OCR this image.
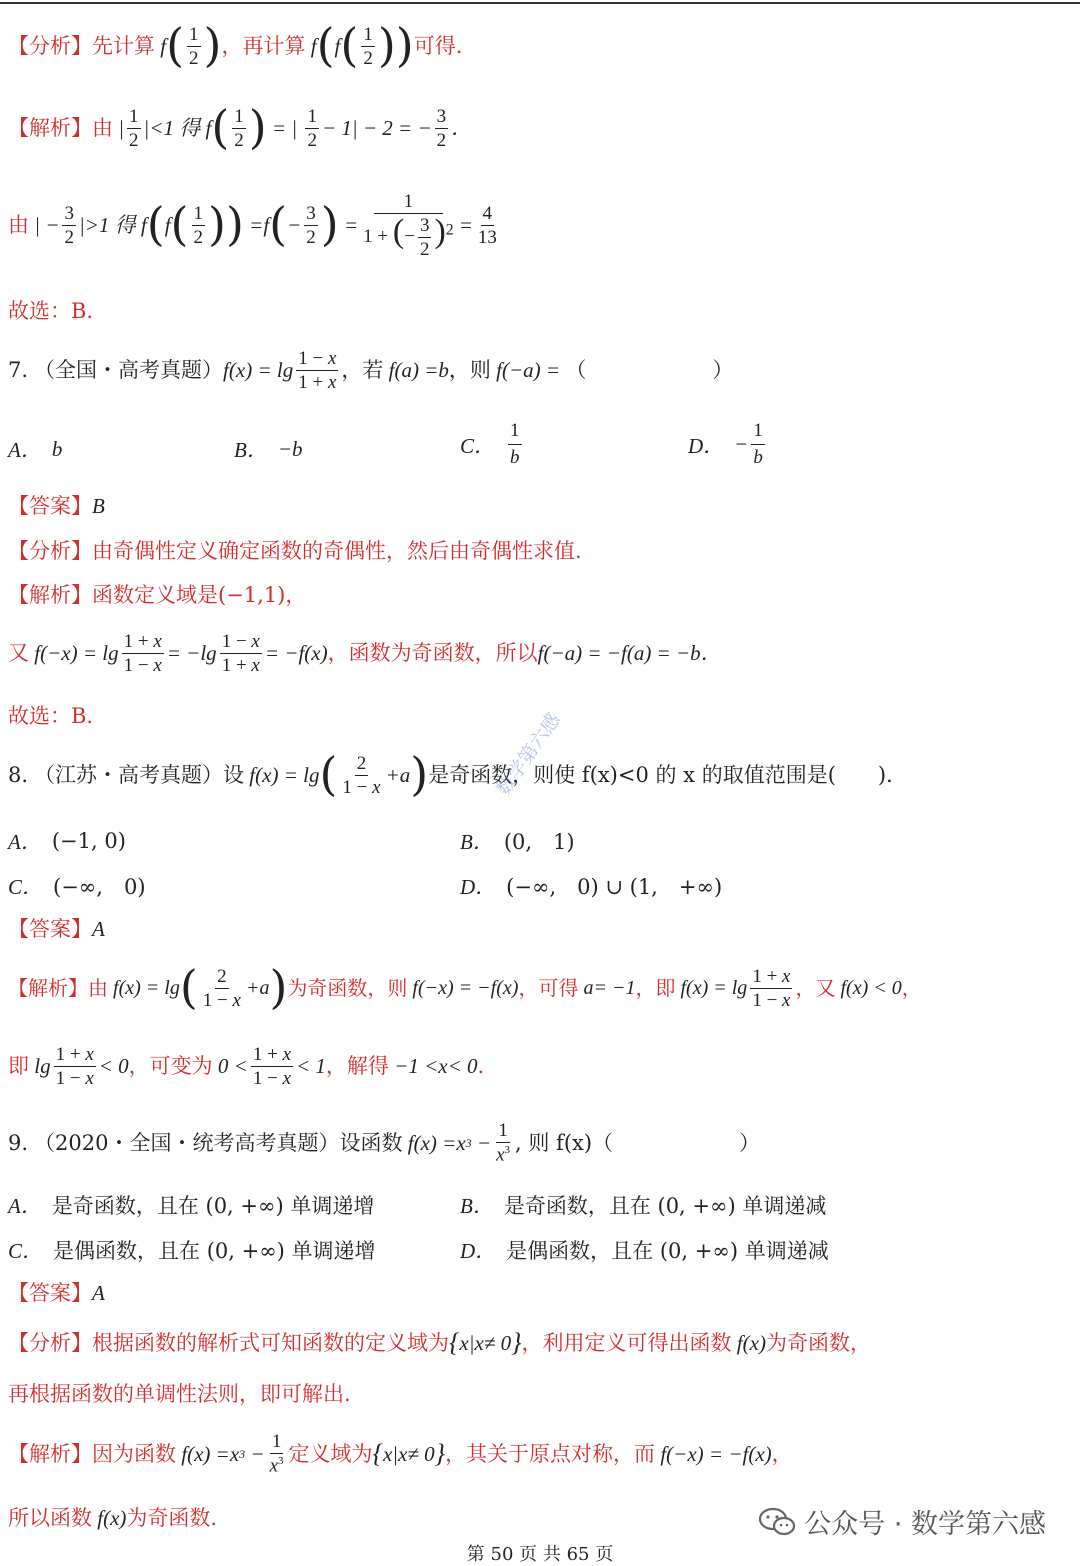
【分析】 先计算 f ( $\frac{1}{2}$ ) ，再计算 f ( f ( $\frac{1}{2}$ )) 可得.
【解析】 由 | $\frac{1}{2}$ | <1 得 f ( $\frac{1}{2}$ ) = | $\frac{1}{2} - 1| - 2$ = − $\frac{3}{2}$ ．
由 | − $\frac{3}{2}$ | >1 得 f ( f ( $\frac{1}{2}$ )) = f ( − $\frac{3}{2}$ ) = $\frac{1}{1 + (- \frac{3}{2} )^2} = \frac{4}{13}$
故选：B.
7. （全国・高考真题） f ( x ) = $\lg \frac{1 - x}{1 + x}$ ，若 f ( a ) = b ，则 f (− a ) = （　　　　　　）
A． b	B． −b	C． $\frac{1}{b}$	D． − $\frac{1}{b}$
【答案】 B
【分析】 由奇偶性定义确定函数的奇偶性，然后由奇偶性求值.
【解析】 函数定义域是(−1,1)，
又 f (− x ) = $\lg \frac{1 + x}{1 - x} = -\lg \frac{1 - x}{1 + x}$ = − f ( x ) ，函数为奇函数，所以 f (− a ) = − f ( a ) = − b ．
故选：B.
8. （江苏・高考真题）设 f ( x ) = lg ( $\frac{2}{1 - x} + a$ ) 是奇函数，则使 f(x)<0 的 x 的取值范围是(　　)．
A． (−1, 0)	B． (0,　1)
C． (−∞,　0)	D． (−∞,　0) ∪ (1,　+∞)
【答案】 A
【解析】 由 f ( x ) = lg ( $\frac{2}{1 - x} + a$ ) 为奇函数，则 f (− x ) = − f ( x ) ，可得 a = −1 ，即 f ( x ) = $\lg \frac{1 + x}{1 - x}$ ，又 f ( x ) < 0 ，
即 $\lg \frac{1 + x}{1 - x} < 0$ ，可变为 $0 < \frac{1 + x}{1 - x} < 1$ ，解得 −1 < x < 0 .
9. （2020・全国・统考高考真题）设函数 f ( x ) = x $3 - \frac{1}{x^3}$ , 则 f(x)（　　　　　　）
A． 是奇函数，且在 (0, +∞) 单调递增	B． 是奇函数，且在 (0, +∞) 单调递减
C． 是偶函数，且在 (0, +∞) 单调递增	D． 是偶函数，且在 (0, +∞) 单调递减
【答案】 A
【分析】 根据函数的解析式可知函数的定义域为 { x | x ≠ 0 } ，利用定义可得出函数 f ( x ) 为奇函数，
再根据函数的单调性法则，即可解出.
【解析】 因为函数 f ( x ) = x $3 - \frac{1}{x^3}$ 定义域为 { x | x ≠ 0 } ，其关于原点对称，而 f (− x ) = − f ( x ) ，
所以函数 f ( x ) 为奇函数.
数学第六感
公众号 · 数学第六感
第 50 页 共 65 页
